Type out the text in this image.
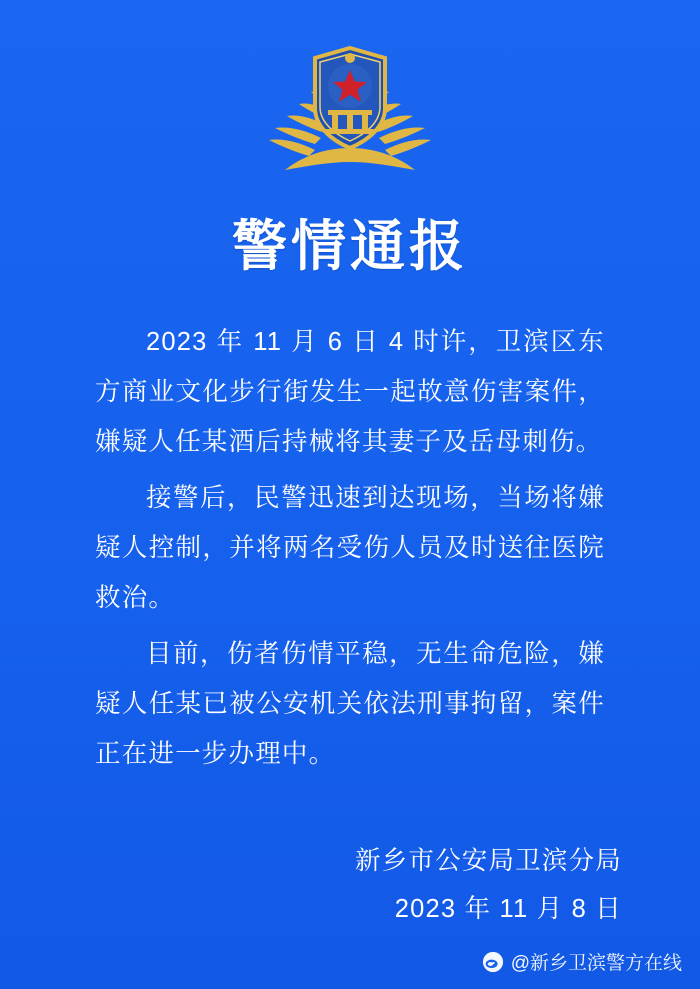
警情通报

2023 年 11 月 6 日 4 时许，卫滨区东方商业文化步行街发生一起故意伤害案件，嫌疑人任某酒后持械将其妻子及岳母刺伤。

接警后，民警迅速到达现场，当场将嫌疑人控制，并将两名受伤人员及时送往医院救治。

目前，伤者伤情平稳，无生命危险，嫌疑人任某已被公安机关依法刑事拘留，案件正在进一步办理中。

新乡市公安局卫滨分局
2023 年 11 月 8 日
@新乡卫滨警方在线
